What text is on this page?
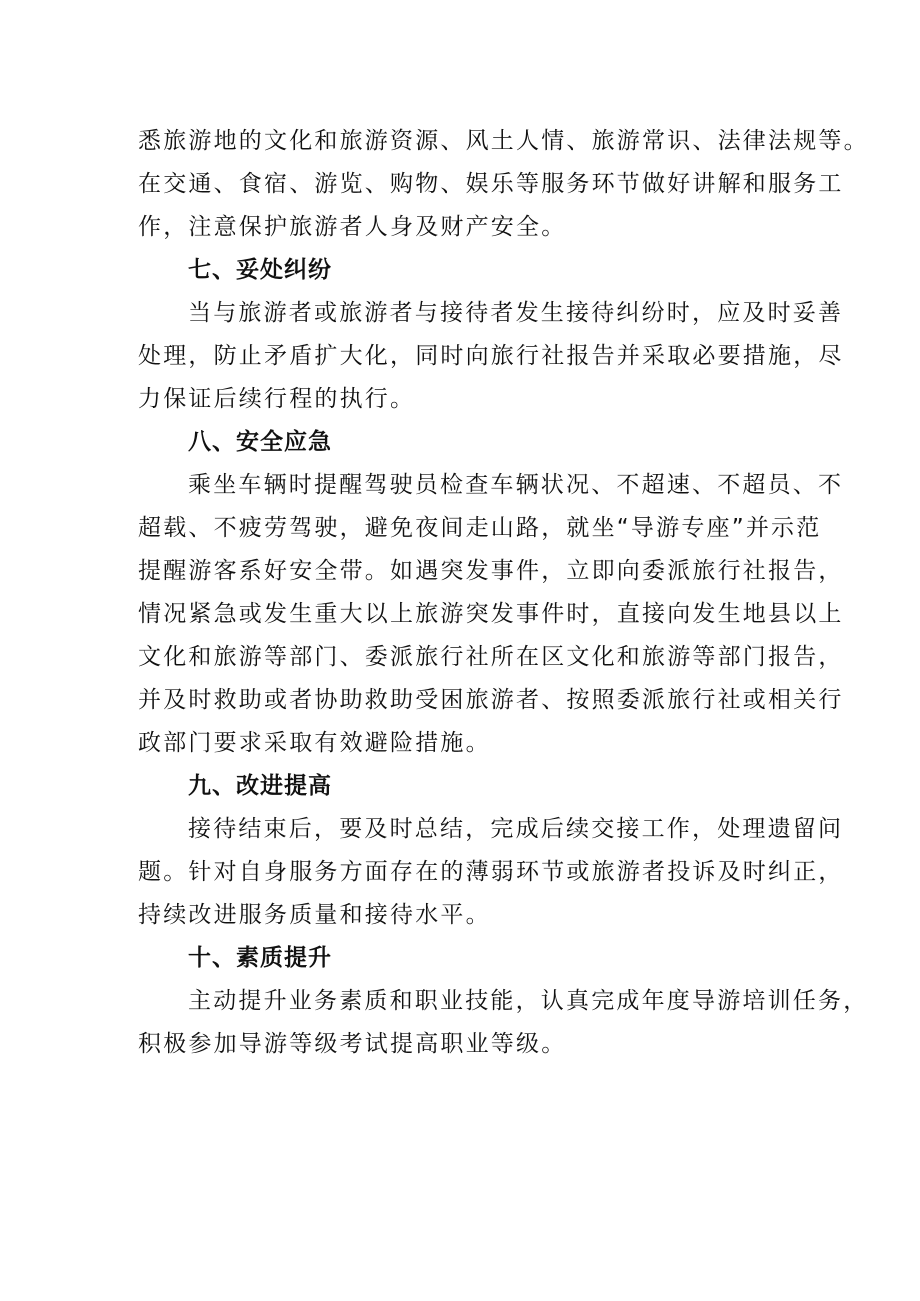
悉旅游地的文化和旅游资源、风土人情、旅游常识、法律法规等。
在交通、食宿、游览、购物、娱乐等服务环节做好讲解和服务工
作，注意保护旅游者人身及财产安全。
七、妥处纠纷
当与旅游者或旅游者与接待者发生接待纠纷时，应及时妥善
处理，防止矛盾扩大化，同时向旅行社报告并采取必要措施，尽
力保证后续行程的执行。
八、安全应急
乘坐车辆时提醒驾驶员检查车辆状况、不超速、不超员、不
超载、不疲劳驾驶，避免夜间走山路，就坐“导游专座”并示范
提醒游客系好安全带。如遇突发事件，立即向委派旅行社报告，
情况紧急或发生重大以上旅游突发事件时，直接向发生地县以上
文化和旅游等部门、委派旅行社所在区文化和旅游等部门报告，
并及时救助或者协助救助受困旅游者、按照委派旅行社或相关行
政部门要求采取有效避险措施。
九、改进提高
接待结束后，要及时总结，完成后续交接工作，处理遗留问
题。针对自身服务方面存在的薄弱环节或旅游者投诉及时纠正，
持续改进服务质量和接待水平。
十、素质提升
主动提升业务素质和职业技能，认真完成年度导游培训任务，
积极参加导游等级考试提高职业等级。
